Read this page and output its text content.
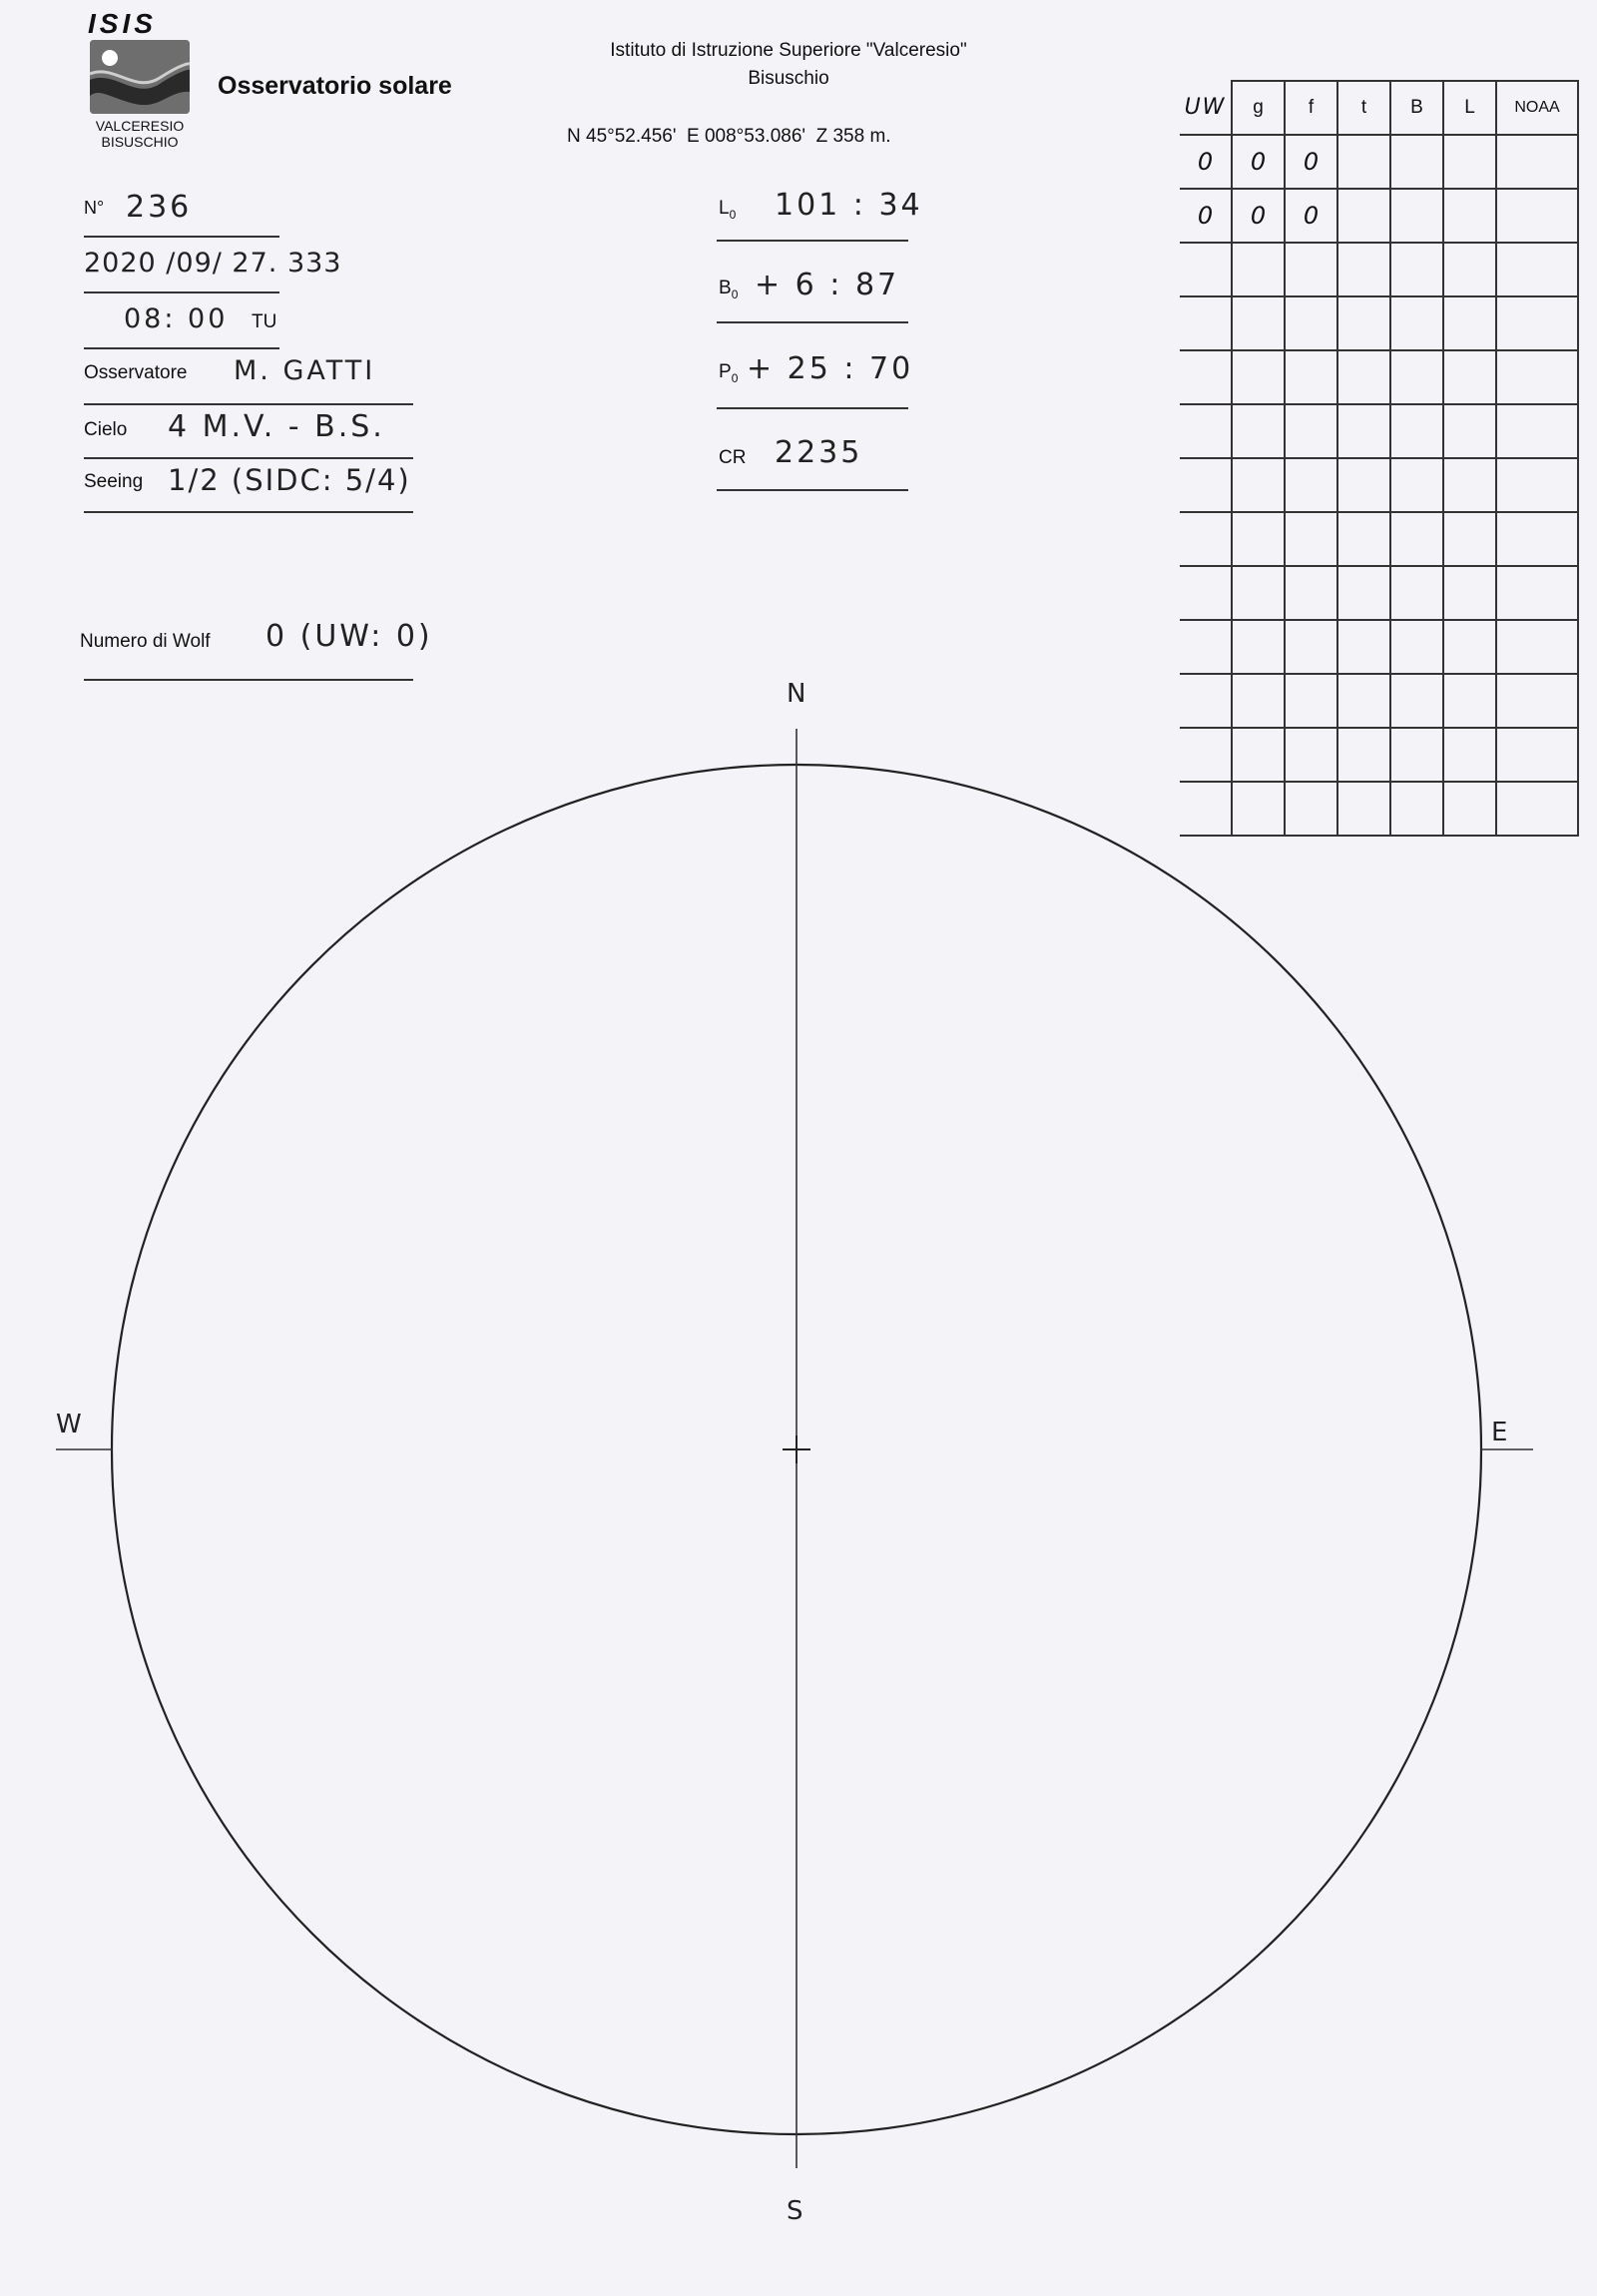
ISIS
VALCERESIO
BISUSCHIO
Osservatorio solare
Istituto di Istruzione Superiore "Valceresio"
Bisuschio
N 45°52.456'  E 008°53.086'  Z 358 m.
N° 236
2020 /09/ 27. 333
08: 00 TU
Osservatore M. GATTI
Cielo 4 M.V. - B.S.
Seeing 1/2 (SIDC: 5/4)
Numero di Wolf 0 (UW: 0)
$L_0$ 101 : 34
$B_0 + 6$ : 87
$P_0 + 25$ : 70
CR 2235
UW	g	f	t	B	L	NOAA
0	0	0				
0	0	0				

N
S
E
W
